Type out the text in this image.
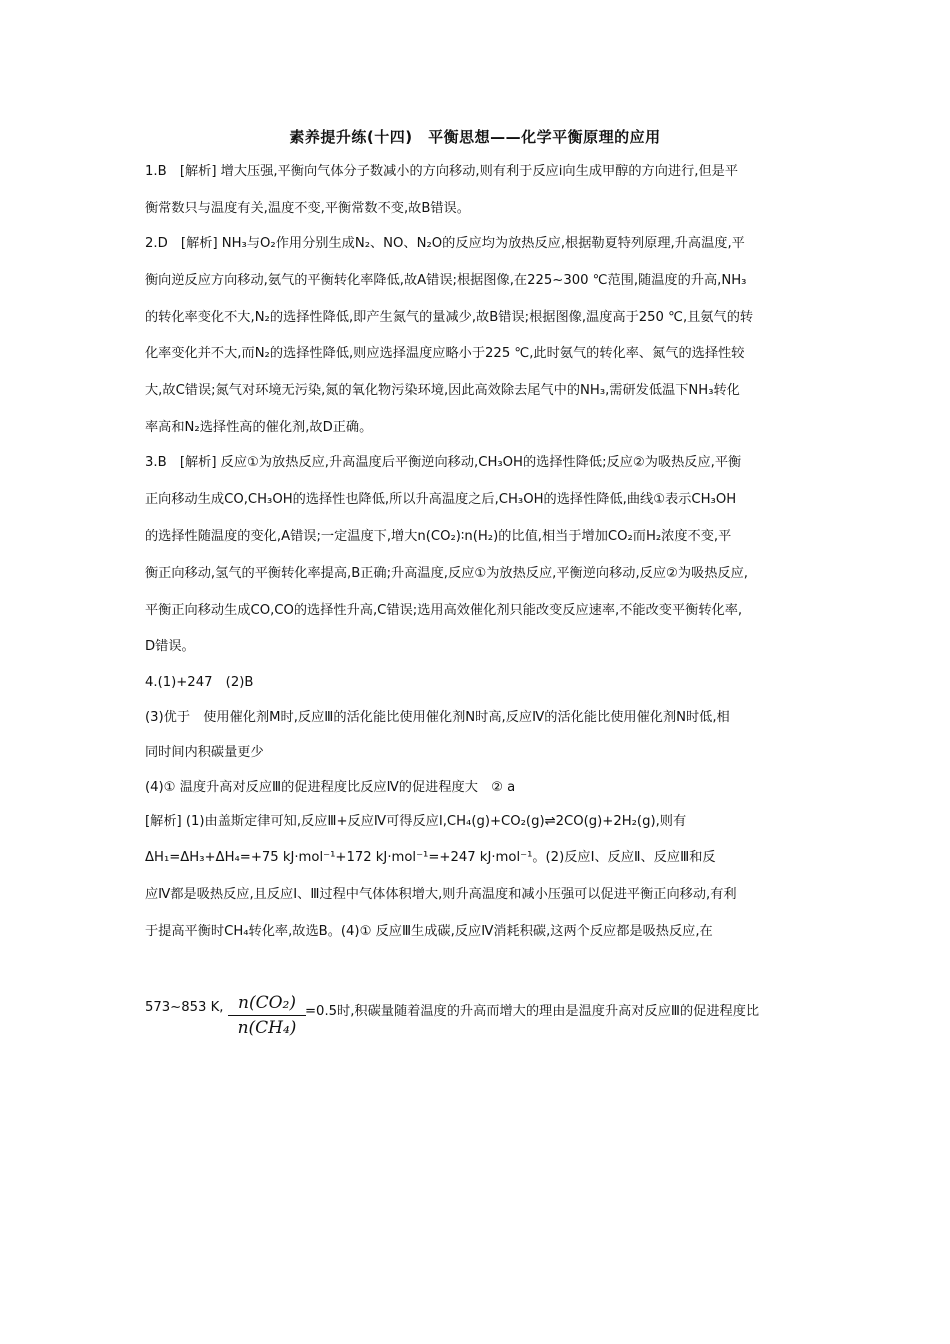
素养提升练(十四)　平衡思想——化学平衡原理的应用
1.B　[解析] 增大压强,平衡向气体分子数减小的方向移动,则有利于反应ⅰ向生成甲醇的方向进行,但是平
衡常数只与温度有关,温度不变,平衡常数不变,故B错误。
2.D　[解析] NH₃与O₂作用分别生成N₂、NO、N₂O的反应均为放热反应,根据勒夏特列原理,升高温度,平
衡向逆反应方向移动,氨气的平衡转化率降低,故A错误;根据图像,在225~300 ℃范围,随温度的升高,NH₃
的转化率变化不大,N₂的选择性降低,即产生氮气的量减少,故B错误;根据图像,温度高于250 ℃,且氨气的转
化率变化并不大,而N₂的选择性降低,则应选择温度应略小于225 ℃,此时氨气的转化率、氮气的选择性较
大,故C错误;氮气对环境无污染,氮的氧化物污染环境,因此高效除去尾气中的NH₃,需研发低温下NH₃转化
率高和N₂选择性高的催化剂,故D正确。
3.B　[解析] 反应①为放热反应,升高温度后平衡逆向移动,CH₃OH的选择性降低;反应②为吸热反应,平衡
正向移动生成CO,CH₃OH的选择性也降低,所以升高温度之后,CH₃OH的选择性降低,曲线①表示CH₃OH
的选择性随温度的变化,A错误;一定温度下,增大n(CO₂)∶n(H₂)的比值,相当于增加CO₂而H₂浓度不变,平
衡正向移动,氢气的平衡转化率提高,B正确;升高温度,反应①为放热反应,平衡逆向移动,反应②为吸热反应,
平衡正向移动生成CO,CO的选择性升高,C错误;选用高效催化剂只能改变反应速率,不能改变平衡转化率,
D错误。
4.(1)+247　(2)B
(3)优于　使用催化剂M时,反应Ⅲ的活化能比使用催化剂N时高,反应Ⅳ的活化能比使用催化剂N时低,相
同时间内积碳量更少
(4)① 温度升高对反应Ⅲ的促进程度比反应Ⅳ的促进程度大　② a
[解析] (1)由盖斯定律可知,反应Ⅲ+反应Ⅳ可得反应Ⅰ,CH₄(g)+CO₂(g)⇌2CO(g)+2H₂(g),则有
ΔH₁=ΔH₃+ΔH₄=+75 kJ·mol⁻¹+172 kJ·mol⁻¹=+247 kJ·mol⁻¹。(2)反应Ⅰ、反应Ⅱ、反应Ⅲ和反
应Ⅳ都是吸热反应,且反应Ⅰ、Ⅲ过程中气体体积增大,则升高温度和减小压强可以促进平衡正向移动,有利
于提高平衡时CH₄转化率,故选B。(4)① 反应Ⅲ生成碳,反应Ⅳ消耗积碳,这两个反应都是吸热反应,在
573~853 K, n(CO₂)
n(CH₄)
=0.5时,积碳量随着温度的升高而增大的理由是温度升高对反应Ⅲ的促进程度比
